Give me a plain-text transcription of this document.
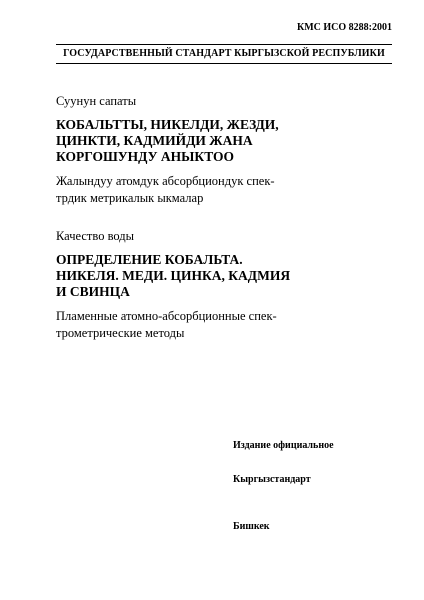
КМС ИСО 8288:2001
ГОСУДАРСТВЕННЫЙ СТАНДАРТ КЫРГЫЗСКОЙ РЕСПУБЛИКИ
Суунун сапаты
КОБАЛЬТТЫ, НИКЕЛДИ, ЖЕЗДИ,
ЦИНКТИ, КАДМИЙДИ ЖАНА
КОРГОШУНДУ АНЫКТОО
Жалындуу атомдук абсорбциондук спек-
трдик метрикалык ыкмалар
Качество воды
ОПРЕДЕЛЕНИЕ КОБАЛЬТА.
НИКЕЛЯ. МЕДИ. ЦИНКА, КАДМИЯ
И СВИНЦА
Пламенные атомно-абсорбционные спек-
трометрические методы
Издание официальное
Кыргызстандарт
Бишкек
